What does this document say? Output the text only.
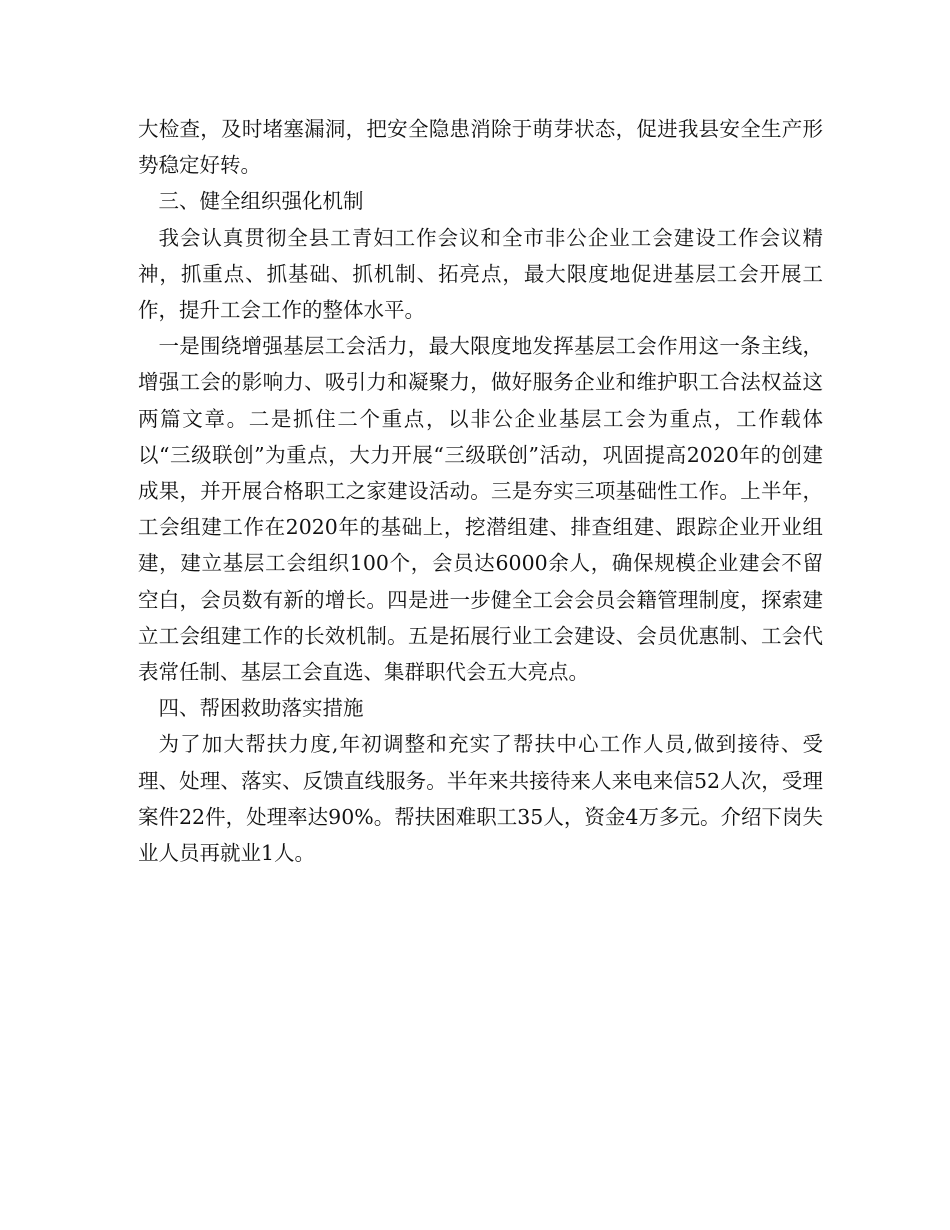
大检查，及时堵塞漏洞，把安全隐患消除于萌芽状态，促进我县安全生产形势稳定好转。

三、健全组织强化机制

我会认真贯彻全县工青妇工作会议和全市非公企业工会建设工作会议精神，抓重点、抓基础、抓机制、拓亮点，最大限度地促进基层工会开展工作，提升工会工作的整体水平。

一是围绕增强基层工会活力，最大限度地发挥基层工会作用这一条主线，增强工会的影响力、吸引力和凝聚力，做好服务企业和维护职工合法权益这两篇文章。二是抓住二个重点，以非公企业基层工会为重点，工作载体以“三级联创”为重点，大力开展“三级联创”活动，巩固提高2020年的创建成果，并开展合格职工之家建设活动。三是夯实三项基础性工作。上半年，工会组建工作在2020年的基础上，挖潜组建、排查组建、跟踪企业开业组建，建立基层工会组织100个，会员达6000余人，确保规模企业建会不留空白，会员数有新的增长。四是进一步健全工会会员会籍管理制度，探索建立工会组建工作的长效机制。五是拓展行业工会建设、会员优惠制、工会代表常任制、基层工会直选、集群职代会五大亮点。

四、帮困救助落实措施

为了加大帮扶力度,年初调整和充实了帮扶中心工作人员,做到接待、受理、处理、落实、反馈直线服务。半年来共接待来人来电来信52人次，受理案件22件，处理率达90%。帮扶困难职工35人，资金4万多元。介绍下岗失业人员再就业1人。
